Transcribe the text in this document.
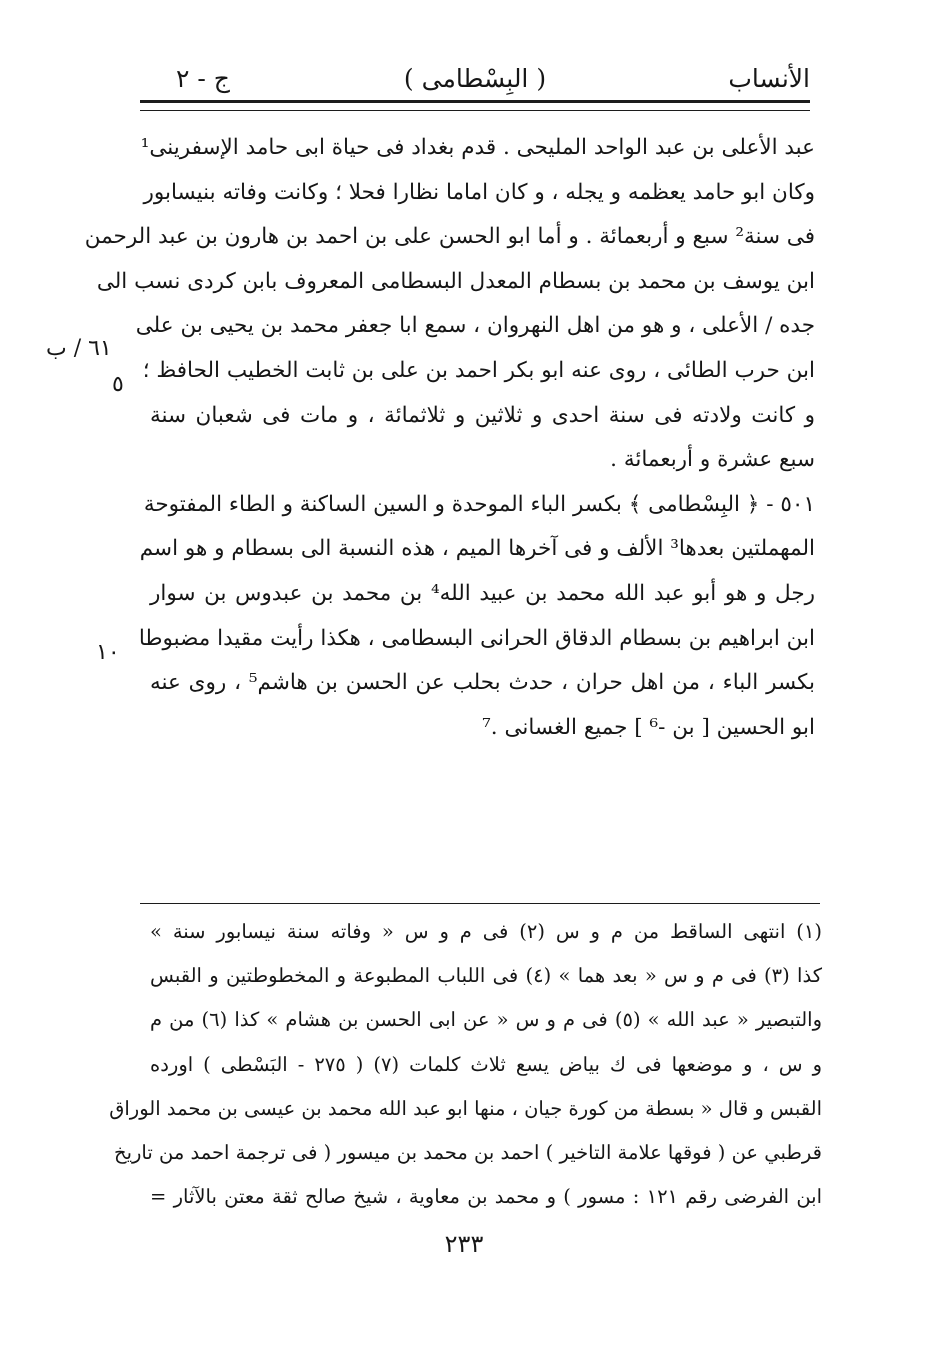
الأنساب
( البِسْطامی )
ج - ٢
عبد الأعلى بن عبد الواحد المليحى . قدم بغداد فى حياة ابى حامد الإسفرينى¹
وكان ابو حامد يعظمه و يجله ، و كان اماما نظارا فحلا ؛ وكانت وفاته بنيسابور
فى سنة² سبع و أربعمائة . و أما ابو الحسن على بن احمد بن هارون بن عبد الرحمن
ابن يوسف بن محمد بن بسطام المعدل البسطامى المعروف بابن كردى نسب الى
جده / الأعلى ، و هو من اهل النهروان ، سمع ابا جعفر محمد بن يحيى بن على
ابن حرب الطائى ، روى عنه ابو بكر احمد بن على بن ثابت الخطيب الحافظ ؛
و كانت ولادته فى سنة احدى و ثلاثين و ثلاثمائة ، و مات فى شعبان سنة
سبع عشرة و أربعمائة .
٥٠١ - ﴿ البِسْطامى ﴾ بكسر الباء الموحدة و السين الساكنة و الطاء المفتوحة
المهملتين بعدها³ الألف و فى آخرها الميم ، هذه النسبة الى بسطام و هو اسم
رجل و هو أبو عبد الله محمد بن عبيد الله⁴ بن محمد بن عبدوس بن سوار
ابن ابراهيم بن بسطام الدقاق الحرانى البسطامى ، هكذا رأيت مقيدا مضبوطا
بكسر الباء ، من اهل حران ، حدث بحلب عن الحسن بن هاشم⁵ ، روى عنه
ابو الحسين [ بن -⁶ ] جميع الغسانى .⁷
٦١ / ب
٥
١٠
(١) انتهى الساقط من م و س (٢) فى م و س « وفاته سنة نيسابور سنة »
كذا (٣) فى م و س « بعد هما » (٤) فى اللباب المطبوعة و المخطوطتين و القبس
والتبصير « عبد الله » (٥) فى م و س « عن ابى الحسن بن هشام » كذا (٦) من م
و س ، و موضعها فى ك بياض يسع ثلاث كلمات (٧) ( ٢٧٥ - البَسْطى ) اورده
القبس و قال « بسطة من كورة جيان ، منها ابو عبد الله محمد بن عيسى بن محمد الوراق
قرطبي عن ( فوقها علامة التاخير ) احمد بن محمد بن ميسور ( فى ترجمة احمد من تاريخ
ابن الفرضى رقم ١٢١ : مسور ) و محمد بن معاوية ، شيخ صالح ثقة معتن بالآثار =
٢٣٣
